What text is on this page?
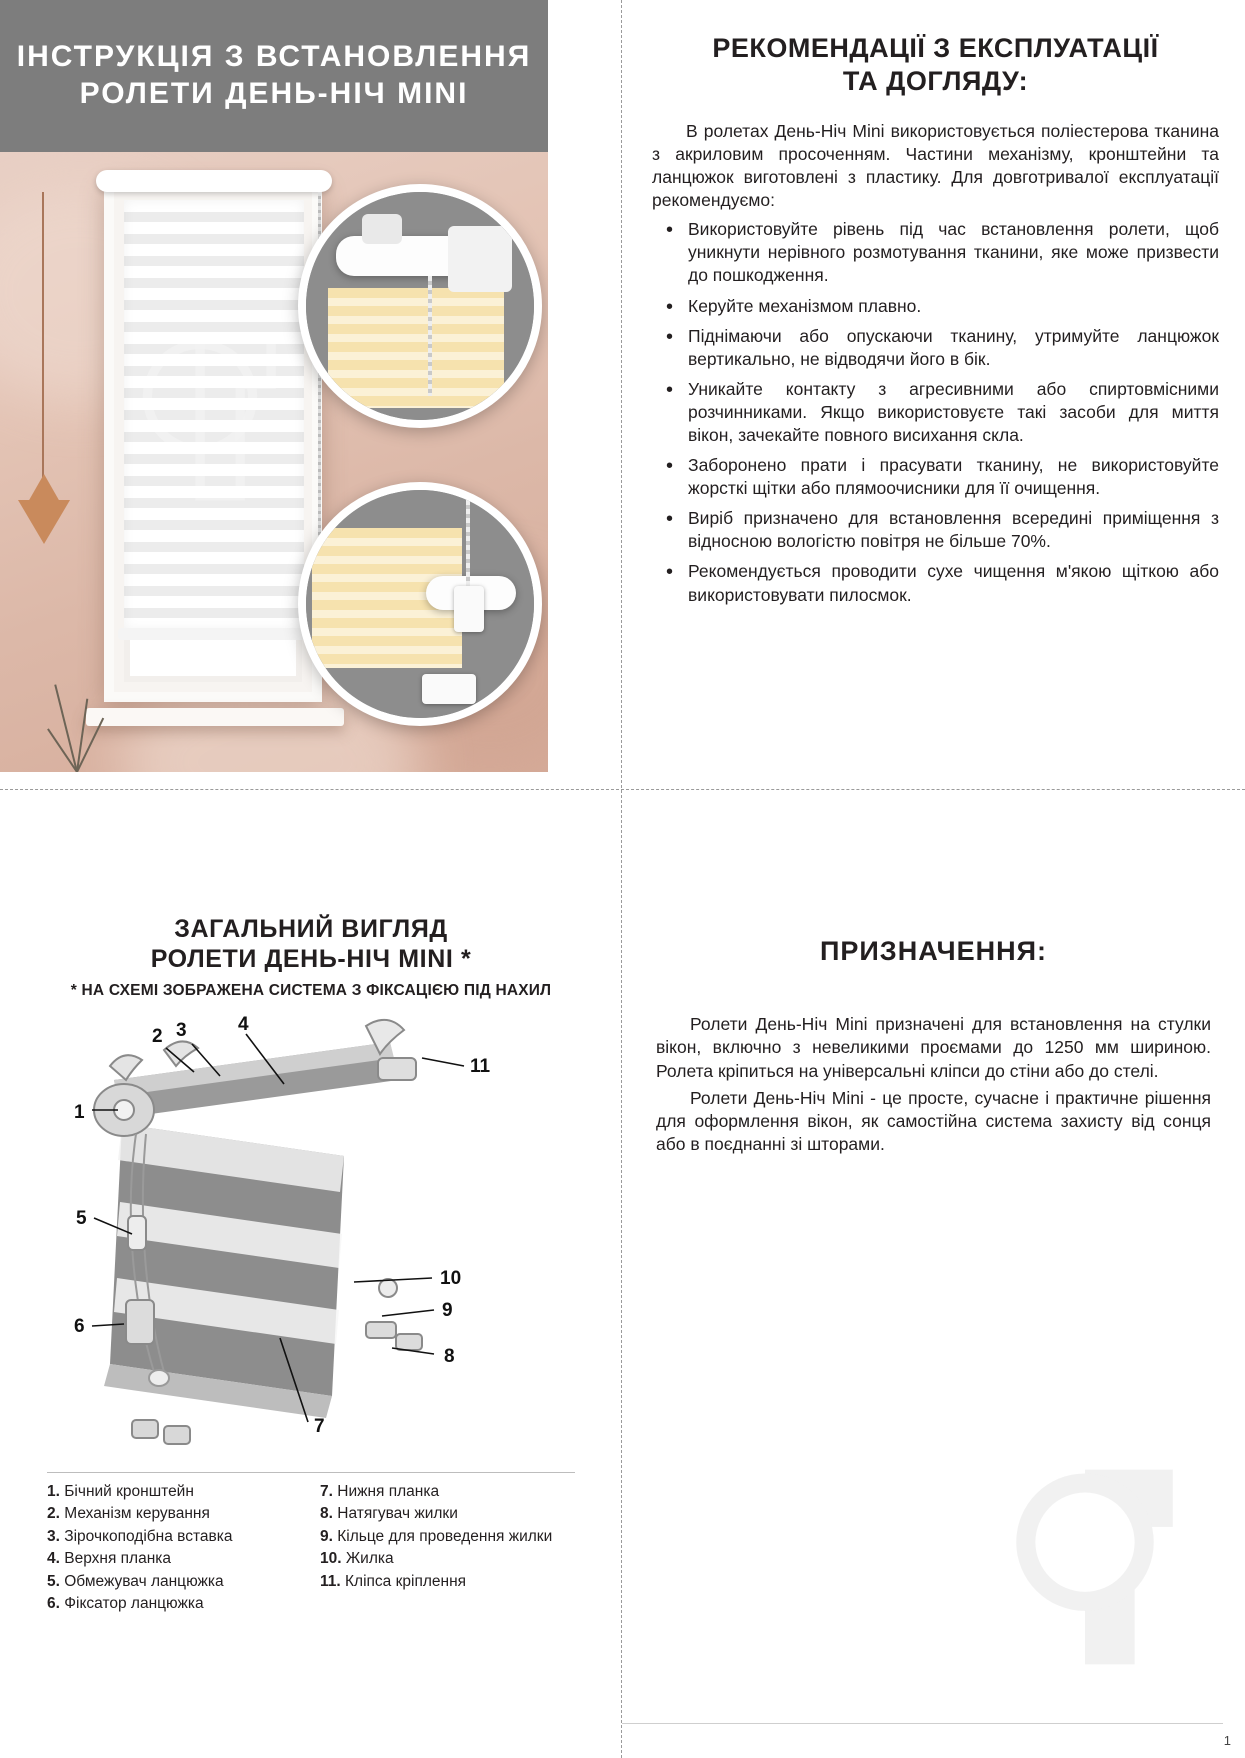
ІНСТРУКЦІЯ З ВСТАНОВЛЕННЯ
РОЛЕТИ ДЕНЬ-НІЧ MINI
РЕКОМЕНДАЦІЇ З ЕКСПЛУАТАЦІЇ
ТА ДОГЛЯДУ:

В ролетах День-Ніч Mini використовується поліестерова тканина з акриловим просоченням. Частини механізму, кронштейни та ланцюжок виготовлені з пластику. Для довготривалої експлуатації рекомендуємо:

• Використовуйте рівень під час встановлення ролети, щоб уникнути нерівного розмотування тканини, яке може призвести до пошкодження.
• Керуйте механізмом плавно.
• Піднімаючи або опускаючи тканину, утримуйте ланцюжок вертикально, не відводячи його в бік.
• Уникайте контакту з агресивними або спиртовмісними розчинниками. Якщо використовуєте такі засоби для миття вікон, зачекайте повного висихання скла.
• Заборонено прати і прасувати тканину, не використовуйте жорсткі щітки або плямоочисники для її очищення.
• Виріб призначено для встановлення всередині приміщення з відносною вологістю повітря не більше 70%.
• Рекомендується проводити сухе чищення м'якою щіткою або використовувати пилосмок.
ЗАГАЛЬНИЙ ВИГЛЯД
РОЛЕТИ ДЕНЬ-НІЧ MINI *
* НА СХЕМІ ЗОБРАЖЕНА СИСТЕМА З ФІКСАЦІЄЮ ПІД НАХИЛ
1
2 3	4
5
6
7
11
10
9
8
1. Бічний кронштейн
2. Механізм керування
3. Зірочкоподібна вставка
4. Верхня планка
5. Обмежувач ланцюжка
6. Фіксатор ланцюжка
7. Нижня планка
8. Натягувач жилки
9. Кільце для проведення жилки
10. Жилка
11. Кліпса кріплення
ПРИЗНАЧЕННЯ:

Ролети День-Ніч Mini призначені для встановлення на стулки вікон, включно з невеликими проємами до 1250 мм шириною. Ролета кріпиться на універсальні кліпси до стіни або до стелі.

Ролети День-Ніч Mini - це просте, сучасне і практичне рішення для оформлення вікон, як самостійна система захисту від сонця або в поєднанні зі шторами.

1
